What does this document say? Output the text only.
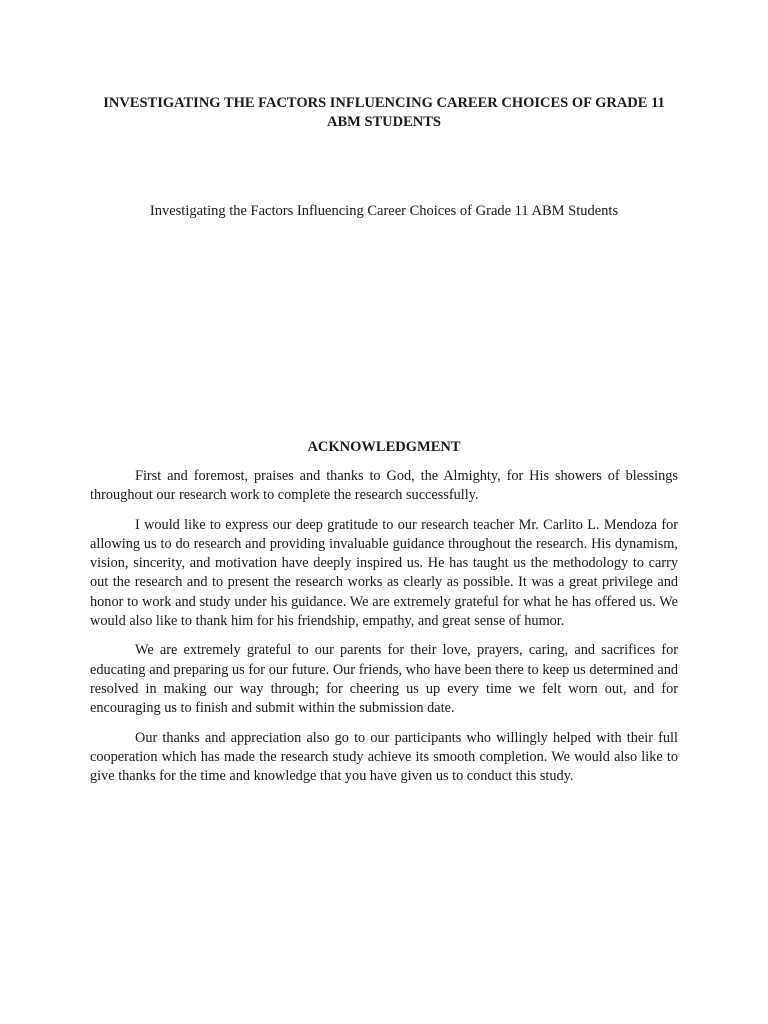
INVESTIGATING THE FACTORS INFLUENCING CAREER CHOICES OF GRADE 11 ABM STUDENTS

Investigating the Factors Influencing Career Choices of Grade 11 ABM Students

ACKNOWLEDGMENT

First and foremost, praises and thanks to God, the Almighty, for His showers of blessings throughout our research work to complete the research successfully.

I would like to express our deep gratitude to our research teacher Mr. Carlito L. Mendoza for allowing us to do research and providing invaluable guidance throughout the research. His dynamism, vision, sincerity, and motivation have deeply inspired us. He has taught us the methodology to carry out the research and to present the research works as clearly as possible. It was a great privilege and honor to work and study under his guidance. We are extremely grateful for what he has offered us. We would also like to thank him for his friendship, empathy, and great sense of humor.

We are extremely grateful to our parents for their love, prayers, caring, and sacrifices for educating and preparing us for our future. Our friends, who have been there to keep us determined and resolved in making our way through; for cheering us up every time we felt worn out, and for encouraging us to finish and submit within the submission date.

Our thanks and appreciation also go to our participants who willingly helped with their full cooperation which has made the research study achieve its smooth completion. We would also like to give thanks for the time and knowledge that you have given us to conduct this study.
